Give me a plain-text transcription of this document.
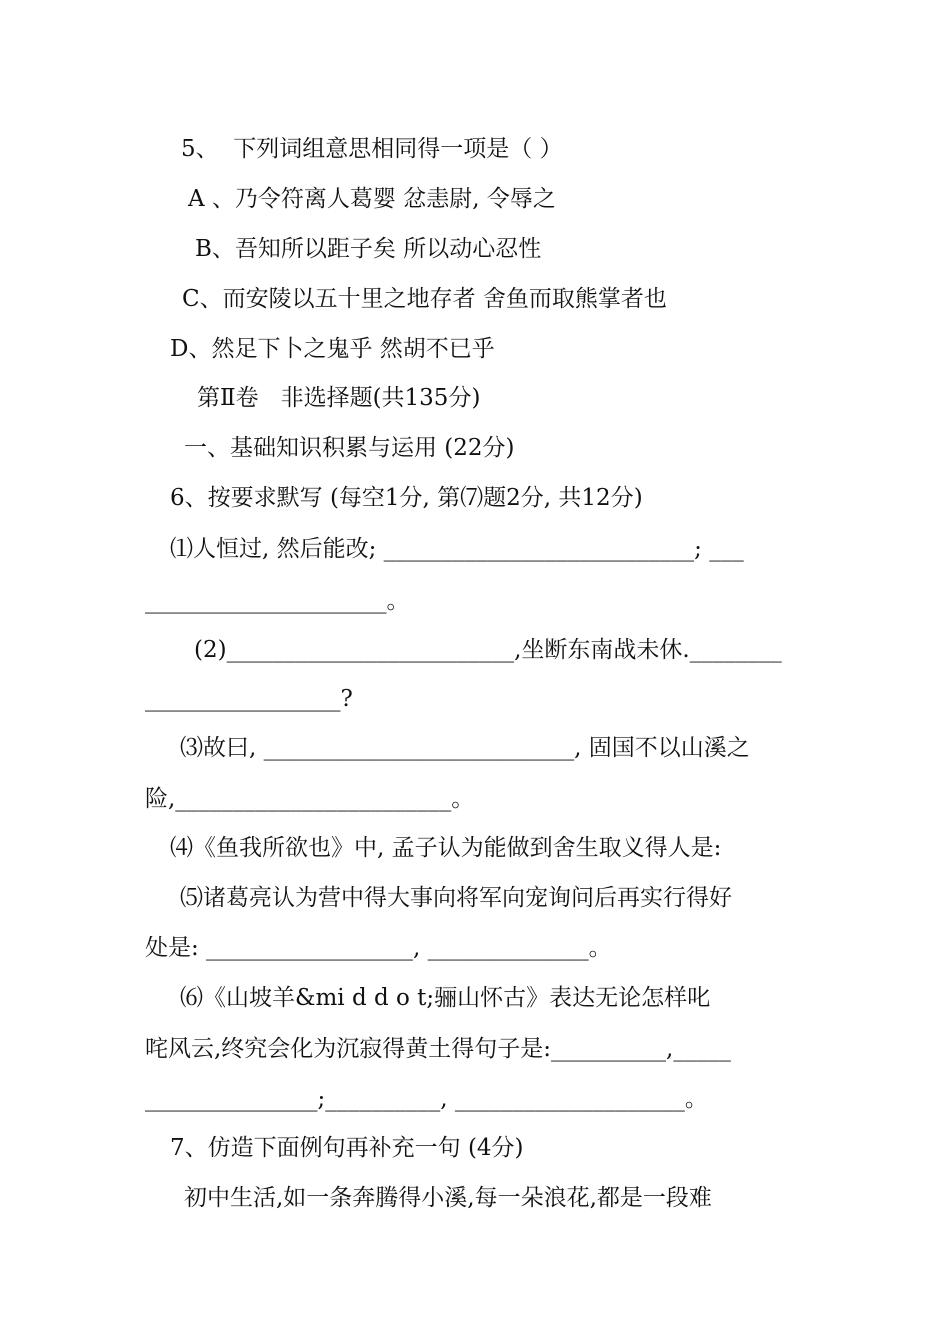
5、  下列词组意思相同得一项是（ ）
A 、乃令符离人葛婴 忿恚尉, 令辱之
B、吾知所以距子矣 所以动心忍性
C、而安陵以五十里之地存者 舍鱼而取熊掌者也
D、然足下卜之鬼乎 然胡不已乎
第Ⅱ卷   非选择题(共135分)
一、基础知识积累与运用 (22分)
6、按要求默写 (每空1分, 第⑺题2分, 共12分)
⑴人恒过, 然后能改; ___________________________; ___
_____________________。
(2)_________________________,坐断东南战未休.________
_________________?
⑶故曰, ___________________________, 固国不以山溪之
险,________________________。
⑷《鱼我所欲也》中, 孟子认为能做到舍生取义得人是:
⑸诸葛亮认为营中得大事向将军向宠询问后再实行得好
处是: __________________, ______________。
⑹《山坡羊&mi d d o t;骊山怀古》表达无论怎样叱
咤风云,终究会化为沉寂得黄土得句子是:__________,_____
_______________;__________, ____________________。
7、仿造下面例句再补充一句 (4分)
初中生活,如一条奔腾得小溪,每一朵浪花,都是一段难
